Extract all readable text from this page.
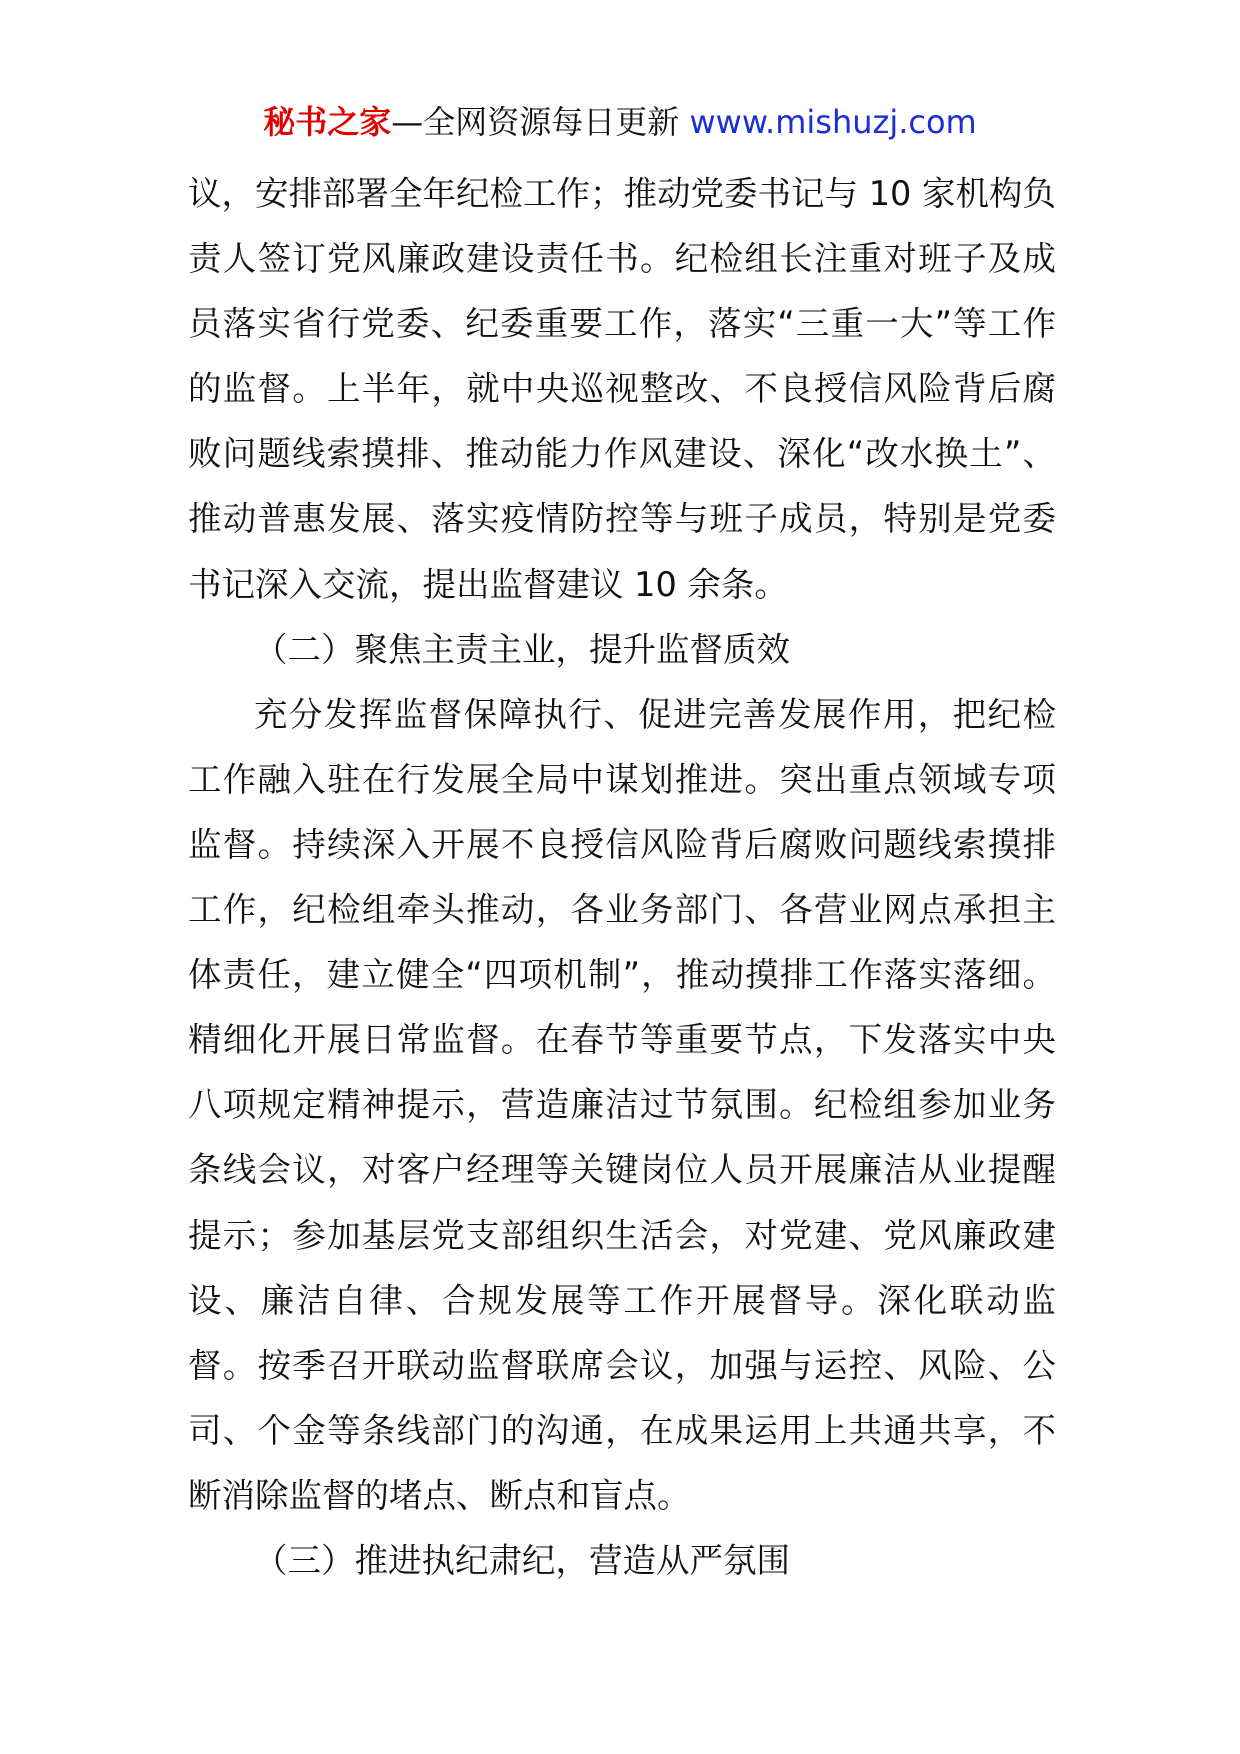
秘书之家—全网资源每日更新 www.mishuzj.com

议，安排部署全年纪检工作；推动党委书记与 10 家机构负责人签订党风廉政建设责任书。纪检组长注重对班子及成员落实省行党委、纪委重要工作，落实“三重一大”等工作的监督。上半年，就中央巡视整改、不良授信风险背后腐败问题线索摸排、推动能力作风建设、深化“改水换土”、推动普惠发展、落实疫情防控等与班子成员，特别是党委书记深入交流，提出监督建议 10 余条。

（二）聚焦主责主业，提升监督质效

充分发挥监督保障执行、促进完善发展作用，把纪检工作融入驻在行发展全局中谋划推进。突出重点领域专项监督。持续深入开展不良授信风险背后腐败问题线索摸排工作，纪检组牵头推动，各业务部门、各营业网点承担主体责任，建立健全“四项机制”，推动摸排工作落实落细。精细化开展日常监督。在春节等重要节点，下发落实中央八项规定精神提示，营造廉洁过节氛围。纪检组参加业务条线会议，对客户经理等关键岗位人员开展廉洁从业提醒提示；参加基层党支部组织生活会，对党建、党风廉政建设、廉洁自律、合规发展等工作开展督导。深化联动监督。按季召开联动监督联席会议，加强与运控、风险、公司、个金等条线部门的沟通，在成果运用上共通共享，不断消除监督的堵点、断点和盲点。

（三）推进执纪肃纪，营造从严氛围
